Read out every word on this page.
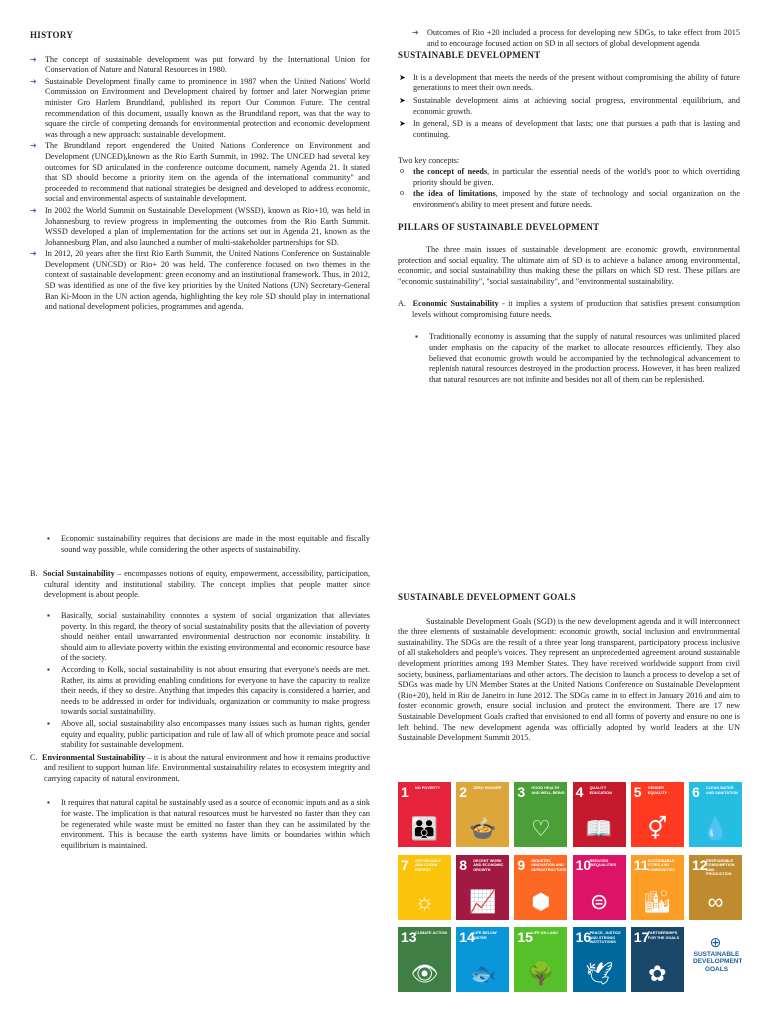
HISTORY

➜ The concept of sustainable development was put forward by the International Union for Conservation of Nature and Natural Resources in 1980.
➜ Sustainable Development finally came to prominence in 1987 when the United Nations' World Commission on Environment and Development chaired by former and later Norwegian prime minister Gro Harlem Brundtland, published its report Our Common Future. The central recommendation of this document, usually known as the Brundtland report, was that the way to square the circle of competing demands for environmental protection and economic development was through a new approach: sustainable development.
➜ The Brundtland report engendered the United Nations Conference on Environment and Development (UNCED),known as the Rio Earth Summit, in 1992. The UNCED had several key outcomes for SD articulated in the conference outcome document, namely Agenda 21. It stated that SD should become a priority item on the agenda of the international community" and proceeded to recommend that national strategies be designed and developed to address economic, social and environmental aspects of sustainable development.
➜ In 2002 the World Summit on Sustainable Development (WSSD), known as Rio+10, was held in Johannesburg to review progress in implementing the outcomes from the Rio Earth Summit. WSSD developed a plan of implementation for the actions set out in Agenda 21, known as the Johannesburg Plan, and also launched a number of multi-stakeholder partnerships for SD.
➜ In 2012, 20 years after the first Rio Earth Summit, the United Nations Conference on Sustainable Development (UNCSD) or Rio+ 20 was held. The conference focused on two themes in the context of sustainable development: green economy and an institutional framework. Thus, in 2012, SD was identified as one of the five key priorities by the United Nations (UN) Secretary-General Ban Ki-Moon in the UN action agenda, highlighting the key role SD should play in international and national development policies, programmes and agenda.
➜ Outcomes of Rio +20 included a process for developing new SDGs, to take effect from 2015 and to encourage focused action on SD in all sectors of global development agenda

SUSTAINABLE DEVELOPMENT

➤ It is a development that meets the needs of the present without compromising the ability of future generations to meet their own needs.
➤ Sustainable development aims at achieving social progress, environmental equilibrium, and economic growth.
➤ In general, SD is a means of development that lasts; one that pursues a path that is lasting and continuing.

Two key concepts:

o the concept of needs, in particular the essential needs of the world's poor to which overriding priority should be given.
o the idea of limitations, imposed by the state of technology and social organization on the environment's ability to meet present and future needs.

PILLARS OF SUSTAINABLE DEVELOPMENT

The three main issues of sustainable development are economic growth, environmental protection and social equality. The ultimate aim of SD is to achieve a balance among environmental, economic, and social sustainability thus making these the pillars on which SD rest. These pillars are "economic sustainability", "social sustainability", and "environmental sustainability.

A. Economic Sustainability - it implies a system of production that satisfies present consumption levels without compromising future needs.

▪ Traditionally economy is assuming that the supply of natural resources was unlimited placed under emphasis on the capacity of the market to allocate resources efficiently. They also believed that economic growth would be accompanied by the technological advancement to replenish natural resources destroyed in the production process. However, it has been realized that natural resources are not infinite and besides not all of them can be replenished.
▪ Economic sustainability requires that decisions are made in the most equitable and fiscally sound way possible, while considering the other aspects of sustainability.

B. Social Sustainability – encompasses notions of equity, empowerment, accessibility, participation, cultural identity and institutional stability. The concept implies that people matter since development is about people.

▪ Basically, social sustainability connotes a system of social organization that alleviates poverty. In this regard, the theory of social sustainability posits that the alleviation of poverty should neither entail unwarranted environmental destruction nor economic instability. It should aim to alleviate poverty within the existing environmental and economic resource base of the society.
▪ According to Kolk, social sustainability is not about ensuring that everyone's needs are met. Rather, its aims at providing enabling conditions for everyone to have the capacity to realize their needs, if they so desire. Anything that impedes this capacity is considered a barrier, and needs to be addressed in order for individuals, organization or community to make progress towards social sustainability.
▪ Above all, social sustainability also encompasses many issues such as human rights, gender equity and equality, public participation and rule of law all of which promote peace and social stability for sustainable development.

C. Environmental Sustainability – it is about the natural environment and how it remains productive and resilient to support human life. Environmental sustainability relates to ecosystem integrity and carrying capacity of natural environment.

▪ It requires that natural capital be sustainably used as a source of economic inputs and as a sink for waste. The implication is that natural resources must be harvested no faster than they can be regenerated while waste must be emitted no faster than they can be assimilated by the environment. This is because the earth systems have limits or boundaries within which equilibrium is maintained.

SUSTAINABLE DEVELOPMENT GOALS

Sustainable Development Goals (SGD) is the new development agenda and it will interconnect the three elements of sustainable development: economic growth, social inclusion and environmental sustainability. The SDGs are the result of a three year long transparent, participatory process inclusive of all stakeholders and people's voices. They represent an unprecedented agreement around sustainable development priorities among 193 Member States. They have received worldwide support from civil society, business, parliamentarians and other actors. The decision to launch a process to develop a set of SDGs was made by UN Member States at the United Nations Conference on Sustainable Development (Rio+20), held in Rio de Janeiro in June 2012. The SDGs came in to effect in January 2016 and aim to foster economic growth, ensure social inclusion and protect the environment. There are 17 new Sustainable Development Goals crafted that envisioned to end all forms of poverty and ensure no one is left behind. The new development agenda was officially adopted by world leaders at the UN Sustainable Development Summit 2015.

1 NO POVERTY
👪
2 ZERO HUNGER
🍲
3 GOOD HEALTH AND WELL-BEING
♡
4 QUALITY EDUCATION
📖
5 GENDER EQUALITY
⚥
6 CLEAN WATER AND SANITATION
💧
7 AFFORDABLE AND CLEAN ENERGY
☼
8 DECENT WORK AND ECONOMIC GROWTH
📈
9 INDUSTRY, INNOVATION AND INFRASTRUCTURE
⬢
10
REDUCED INEQUALITIES
⊜
11 SUSTAINABLE CITIES AND COMMUNITIES
🏙
12
RESPONSIBLE CONSUMPTION AND PRODUCTION
∞
13
CLIMATE ACTION
👁
14
LIFE BELOW WATER
🐟
15
LIFE ON LAND
🌳
16
PEACE, JUSTICE AND STRONG INSTITUTIONS
🕊
17
PARTNERSHIPS FOR THE GOALS
✿
⊕
SUSTAINABLE DEVELOPMENT GOALS
